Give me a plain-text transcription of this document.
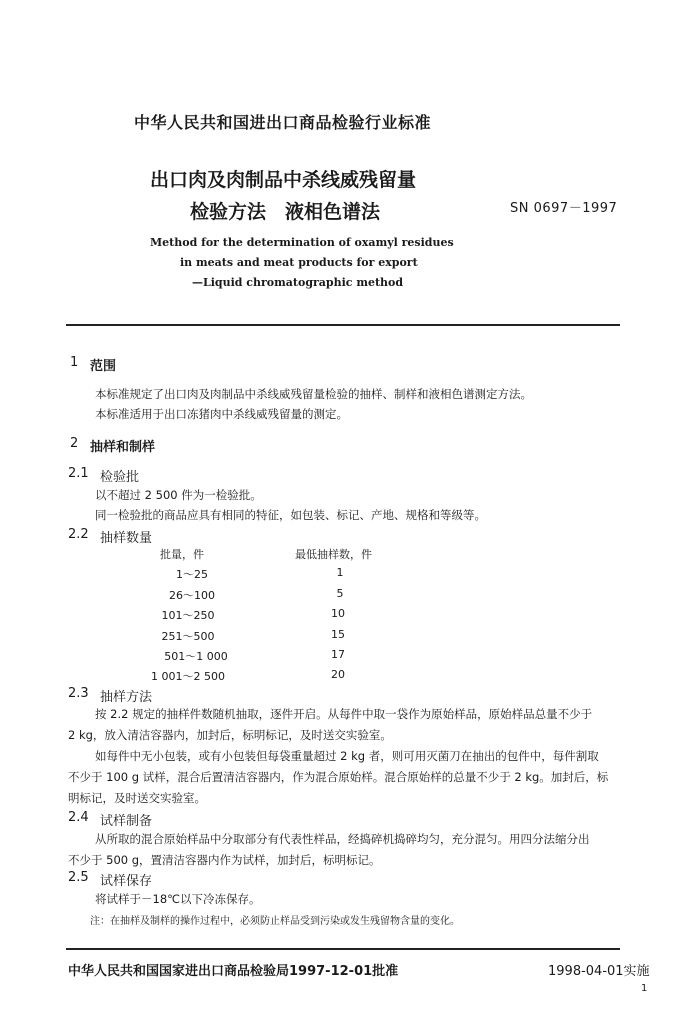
中华人民共和国进出口商品检验行业标准
出口肉及肉制品中杀线威残留量
检验方法　液相色谱法	SN 0697－1997
Method for the determination of oxamyl residues
in meats and meat products for export
—Liquid chromatographic method
1 范围
本标准规定了出口肉及肉制品中杀线威残留量检验的抽样、制样和液相色谱测定方法。
本标准适用于出口冻猪肉中杀线威残留量的测定。
2 抽样和制样
2.1 检验批
以不超过 2 500 件为一检验批。
同一检验批的商品应具有相同的特征，如包装、标记、产地、规格和等级等。
2.2 抽样数量
批量，件	最低抽样数，件
1～25	1
26～100	5
101～250	10
251～500	15
501～1 000	17
1 001～2 500	20
2.3 抽样方法
按 2.2 规定的抽样件数随机抽取，逐件开启。从每件中取一袋作为原始样品，原始样品总量不少于
2 kg，放入清洁容器内，加封后，标明标记，及时送交实验室。
如每件中无小包装，或有小包装但每袋重量超过 2 kg 者，则可用灭菌刀在抽出的包件中，每件割取
不少于 100 g 试样，混合后置清洁容器内，作为混合原始样。混合原始样的总量不少于 2 kg。加封后，标
明标记，及时送交实验室。
2.4 试样制备
从所取的混合原始样品中分取部分有代表性样品，经捣碎机捣碎均匀，充分混匀。用四分法缩分出
不少于 500 g，置清洁容器内作为试样，加封后，标明标记。
2.5 试样保存
将试样于－18℃以下冷冻保存。
注：在抽样及制样的操作过程中，必须防止样品受到污染或发生残留物含量的变化。
中华人民共和国国家进出口商品检验局1997-12-01批准	1998-04-01实施
1
